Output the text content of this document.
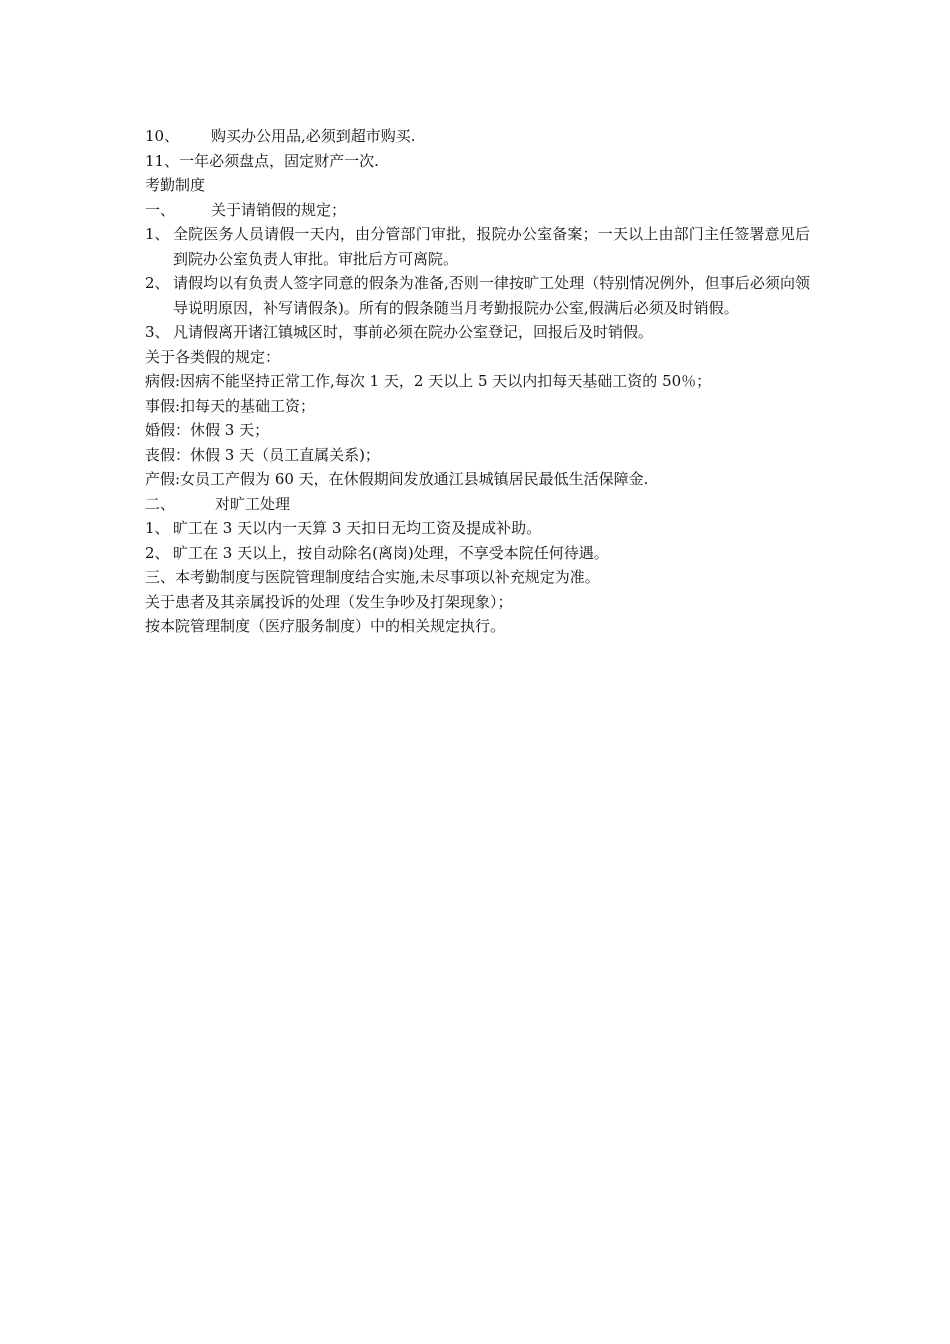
10、 购买办公用品,必须到超市购买.
11、一年必须盘点，固定财产一次.
考勤制度
一、 关于请销假的规定；
1、 全院医务人员请假一天内，由分管部门审批，报院办公室备案；一天以上由部门主任签署意见后到院办公室负责人审批。审批后方可离院。
2、 请假均以有负责人签字同意的假条为准备,否则一律按旷工处理（特别情况例外，但事后必须向领导说明原因，补写请假条)。所有的假条随当月考勤报院办公室,假满后必须及时销假。
3、 凡请假离开诸江镇城区时，事前必须在院办公室登记，回报后及时销假。
关于各类假的规定：
病假:因病不能坚持正常工作,每次 1 天，2 天以上 5 天以内扣每天基础工资的 50％；
事假:扣每天的基础工资；
婚假：休假 3 天；
丧假：休假 3 天（员工直属关系)；
产假:女员工产假为 60 天，在休假期间发放通江县城镇居民最低生活保障金.
二、	对旷工处理
1、 旷工在 3 天以内一天算 3 天扣日无均工资及提成补助。
2、 旷工在 3 天以上，按自动除名(离岗)处理，不享受本院任何待遇。
三、本考勤制度与医院管理制度结合实施,未尽事项以补充规定为准。
关于患者及其亲属投诉的处理（发生争吵及打架现象）；
按本院管理制度（医疗服务制度）中的相关规定执行。
